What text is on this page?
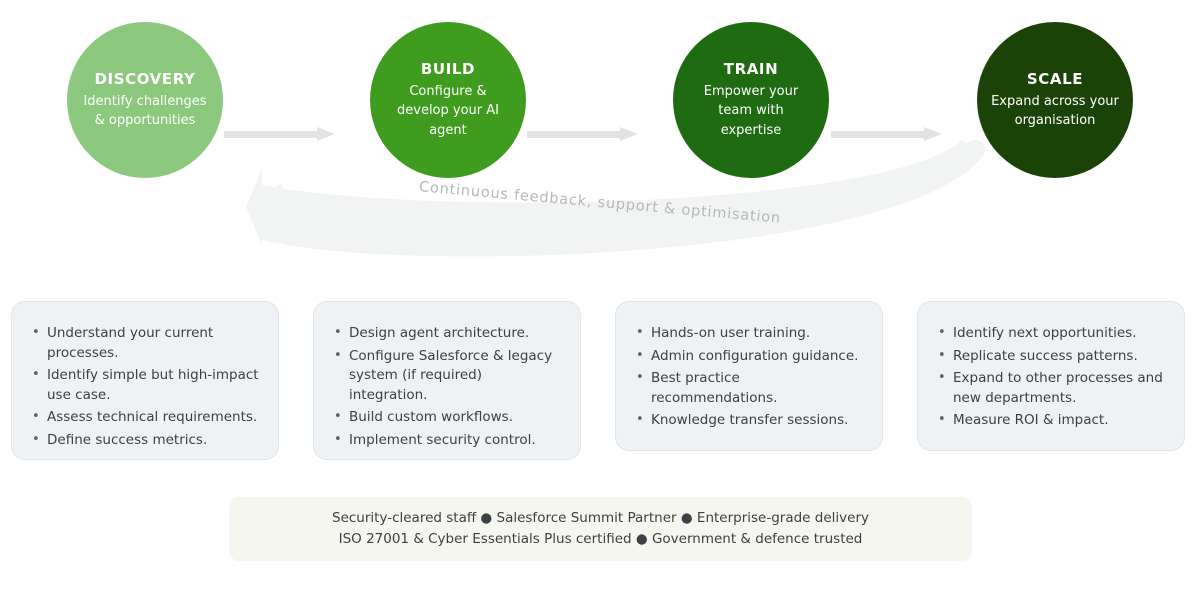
DISCOVERY
Identify challenges & opportunities
BUILD
Configure & develop your AI agent
TRAIN
Empower your team with expertise
SCALE
Expand across your organisation
Continuous feedback, support & optimisation
• Understand your current processes.
• Identify simple but high-impact use case.
• Assess technical requirements.
• Define success metrics.
• Design agent architecture.
• Configure Salesforce & legacy system (if required) integration.
• Build custom workflows.
• Implement security control.
• Hands-on user training.
• Admin configuration guidance.
• Best practice recommendations.
• Knowledge transfer sessions.
• Identify next opportunities.
• Replicate success patterns.
• Expand to other processes and new departments.
• Measure ROI & impact.
Security-cleared staff ● Salesforce Summit Partner ● Enterprise-grade delivery
ISO 27001 & Cyber Essentials Plus certified ● Government & defence trusted
